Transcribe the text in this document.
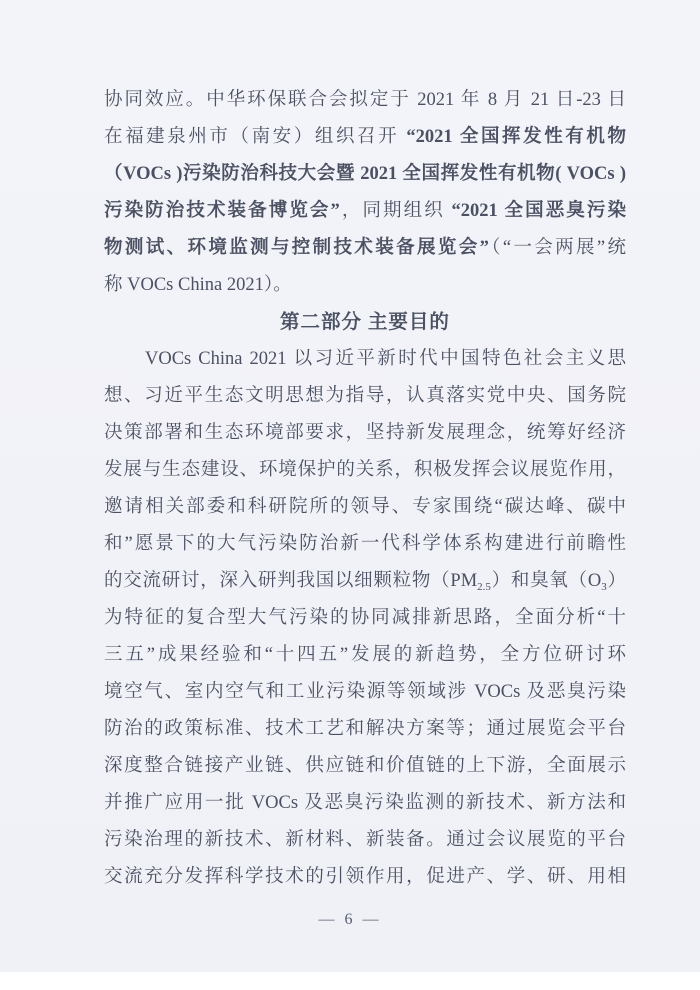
协同效应。中华环保联合会拟定于 2021 年 8 月 21 日-23 日
在福建泉州市（南安）组织召开 “2021 全国挥发性有机物
（VOCs )污染防治科技大会暨 2021 全国挥发性有机物( VOCs )
污染防治技术装备博览会”，同期组织 “2021 全国恶臭污染
物测试、环境监测与控制技术装备展览会”（“一会两展”统
称 VOCs China 2021）。
第二部分 主要目的
VOCs China 2021 以习近平新时代中国特色社会主义思
想、习近平生态文明思想为指导，认真落实党中央、国务院
决策部署和生态环境部要求，坚持新发展理念，统筹好经济
发展与生态建设、环境保护的关系，积极发挥会议展览作用，
邀请相关部委和科研院所的领导、专家围绕“碳达峰、碳中
和”愿景下的大气污染防治新一代科学体系构建进行前瞻性
的交流研讨，深入研判我国以细颗粒物$(PM_{2.5})$和臭氧$(O_3)$
为特征的复合型大气污染的协同减排新思路，全面分析“十
三五”成果经验和“十四五”发展的新趋势，全方位研讨环
境空气、室内空气和工业污染源等领域涉 VOCs 及恶臭污染
防治的政策标准、技术工艺和解决方案等；通过展览会平台
深度整合链接产业链、供应链和价值链的上下游，全面展示
并推广应用一批 VOCs 及恶臭污染监测的新技术、新方法和
污染治理的新技术、新材料、新装备。通过会议展览的平台
交流充分发挥科学技术的引领作用，促进产、学、研、用相
— 6 —
